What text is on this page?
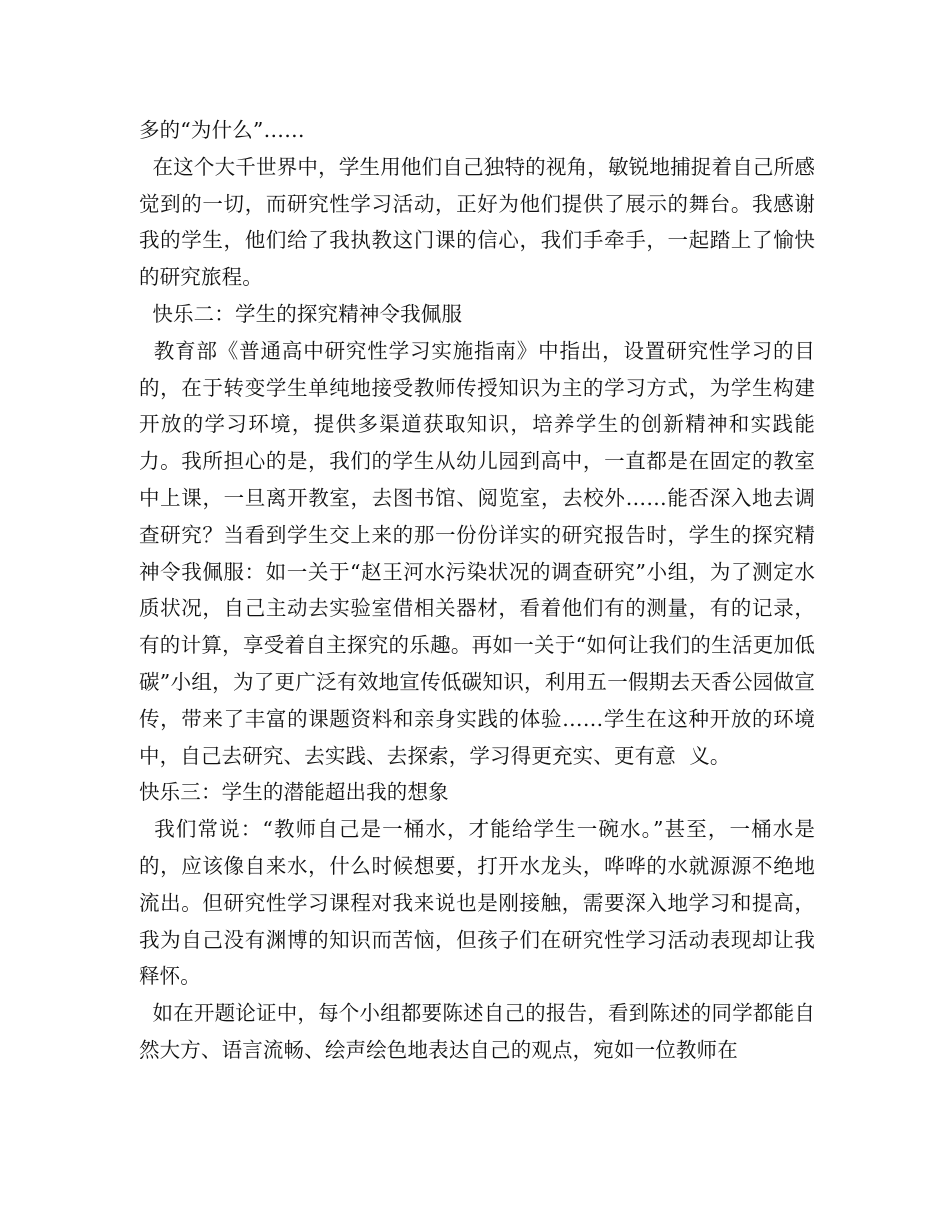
多的“为什么”……

在这个大千世界中，学生用他们自己独特的视角，敏锐地捕捉着自己所感觉到的一切，而研究性学习活动，正好为他们提供了展示的舞台。我感谢我的学生，他们给了我执教这门课的信心，我们手牵手，一起踏上了愉快的研究旅程。

快乐二：学生的探究精神令我佩服

教育部《普通高中研究性学习实施指南》中指出，设置研究性学习的目的，在于转变学生单纯地接受教师传授知识为主的学习方式，为学生构建开放的学习环境，提供多渠道获取知识，培养学生的创新精神和实践能力。我所担心的是，我们的学生从幼儿园到高中，一直都是在固定的教室中上课，一旦离开教室，去图书馆、阅览室，去校外……能否深入地去调查研究？当看到学生交上来的那一份份详实的研究报告时，学生的探究精神令我佩服：如一关于“赵王河水污染状况的调查研究”小组，为了测定水质状况，自己主动去实验室借相关器材，看着他们有的测量，有的记录，有的计算，享受着自主探究的乐趣。再如一关于“如何让我们的生活更加低碳”小组，为了更广泛有效地宣传低碳知识，利用五一假期去天香公园做宣传，带来了丰富的课题资料和亲身实践的体验……学生在这种开放的环境中，自己去研究、去实践、去探索，学习得更充实、更有意  义。

快乐三：学生的潜能超出我的想象

我们常说：“教师自己是一桶水，才能给学生一碗水。”甚至，一桶水是的，应该像自来水，什么时候想要，打开水龙头，哗哗的水就源源不绝地流出。但研究性学习课程对我来说也是刚接触，需要深入地学习和提高，我为自己没有渊博的知识而苦恼，但孩子们在研究性学习活动表现却让我释怀。

如在开题论证中，每个小组都要陈述自己的报告，看到陈述的同学都能自然大方、语言流畅、绘声绘色地表达自己的观点，宛如一位教师在
